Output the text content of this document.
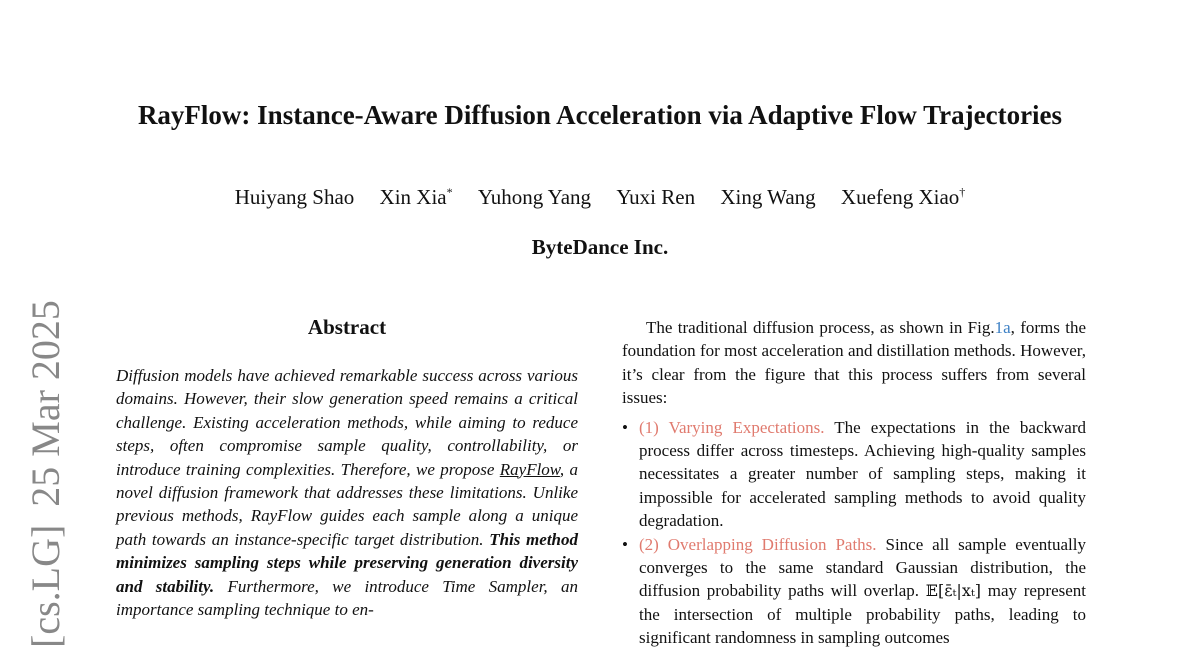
[cs.LG]25 Mar 2025
RayFlow: Instance-Aware Diffusion Acceleration via Adaptive Flow Trajectories
Huiyang Shao Xin Xia* Yuhong Yang Yuxi Ren Xing Wang Xuefeng Xiao†
ByteDance Inc.
Abstract

Diffusion models have achieved remarkable success across various domains. However, their slow generation speed remains a critical challenge. Existing acceleration methods, while aiming to reduce steps, often compromise sample quality, controllability, or introduce training complexities. Therefore, we propose RayFlow, a novel diffusion framework that addresses these limitations. Unlike previous methods, RayFlow guides each sample along a unique path towards an instance-specific target distribution. This method minimizes sampling steps while preserving generation diversity and stability. Furthermore, we introduce Time Sampler, an importance sampling technique to en-

The traditional diffusion process, as shown in Fig.1a, forms the foundation for most acceleration and distillation methods. However, it’s clear from the figure that this process suffers from several issues:

• (1) Varying Expectations. The expectations in the backward process differ across timesteps. Achieving high-quality samples necessitates a greater number of sampling steps, making it impossible for accelerated sampling methods to avoid quality degradation.
• (2) Overlapping Diffusion Paths. Since all sample eventually converges to the same standard Gaussian distribution, the diffusion probability paths will overlap. 𝔼[ε̄ₜ|xₜ] may represent the intersection of multiple probability paths, leading to significant randomness in sampling outcomes
